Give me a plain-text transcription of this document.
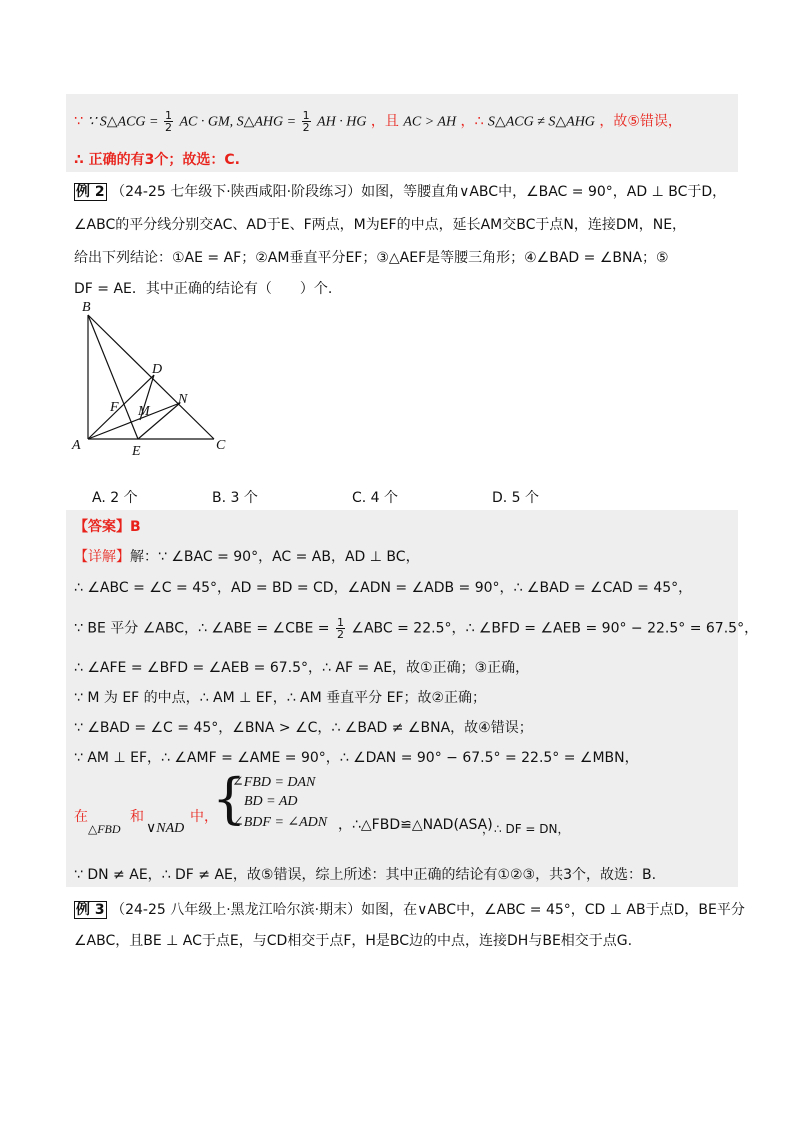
∵ ∵ S△ACG = $\frac{1}{2}$ AC · GM, S△AHG = $\frac{1}{2}$ AH · HG ，且 AC > AH ，∴ S△ACG ≠ S△AHG ，故⑤错误，
∴ 正确的有3个；故选：C.
例 2 （24-25 七年级下·陕西咸阳·阶段练习）如图，等腰直角∨ABC中，∠BAC = 90°，AD ⊥ BC于D，
∠ABC的平分线分别交AC、AD于E、F两点，M为EF的中点，延长AM交BC于点N，连接DM，NE，
给出下列结论：①AE = AF；②AM垂直平分EF；③△AEF是等腰三角形；④∠BAD = ∠BNA；⑤
DF = AE．其中正确的结论有（　　）个.
B
D
F M
N
A	E	C
A. 2 个	B. 3 个	C. 4 个	D. 5 个
【答案】B
【详解】解：∵ ∠BAC = 90°，AC = AB，AD ⊥ BC，
∴ ∠ABC = ∠C = 45°，AD = BD = CD，∠ADN = ∠ADB = 90°，∴ ∠BAD = ∠CAD = 45°，
∵ BE 平分 ∠ABC，∴ ∠ABE = ∠CBE = $\frac{1}{2}$ ∠ABC = 22.5°，∴ ∠BFD = ∠AEB = 90° − 22.5° = 67.5°，
∴ ∠AFE = ∠BFD = ∠AEB = 67.5°，∴ AF = AE，故①正确；③正确，
∵ M 为 EF 的中点，∴ AM ⊥ EF，∴ AM 垂直平分 EF；故②正确；
∵ ∠BAD = ∠C = 45°，∠BNA > ∠C，∴ ∠BAD ≠ ∠BNA，故④错误；
∵ AM ⊥ EF，∴ ∠AMF = ∠AME = 90°，∴ ∠DAN = 90° − 67.5° = 22.5° = ∠MBN，
在
△FBD
和
∨NAD
中，
{
∠FBD = DAN
BD = AD
∠BDF = ∠ADN ，∴△FBD≌△NAD(ASA)
，∴ DF = DN，
∵ DN ≠ AE，∴ DF ≠ AE，故⑤错误，综上所述：其中正确的结论有①②③，共3个，故选：B.
例 3 （24-25 八年级上·黑龙江哈尔滨·期末）如图，在∨ABC中，∠ABC = 45°，CD ⊥ AB于点D，BE平分
∠ABC，且BE ⊥ AC于点E，与CD相交于点F，H是BC边的中点，连接DH与BE相交于点G.
